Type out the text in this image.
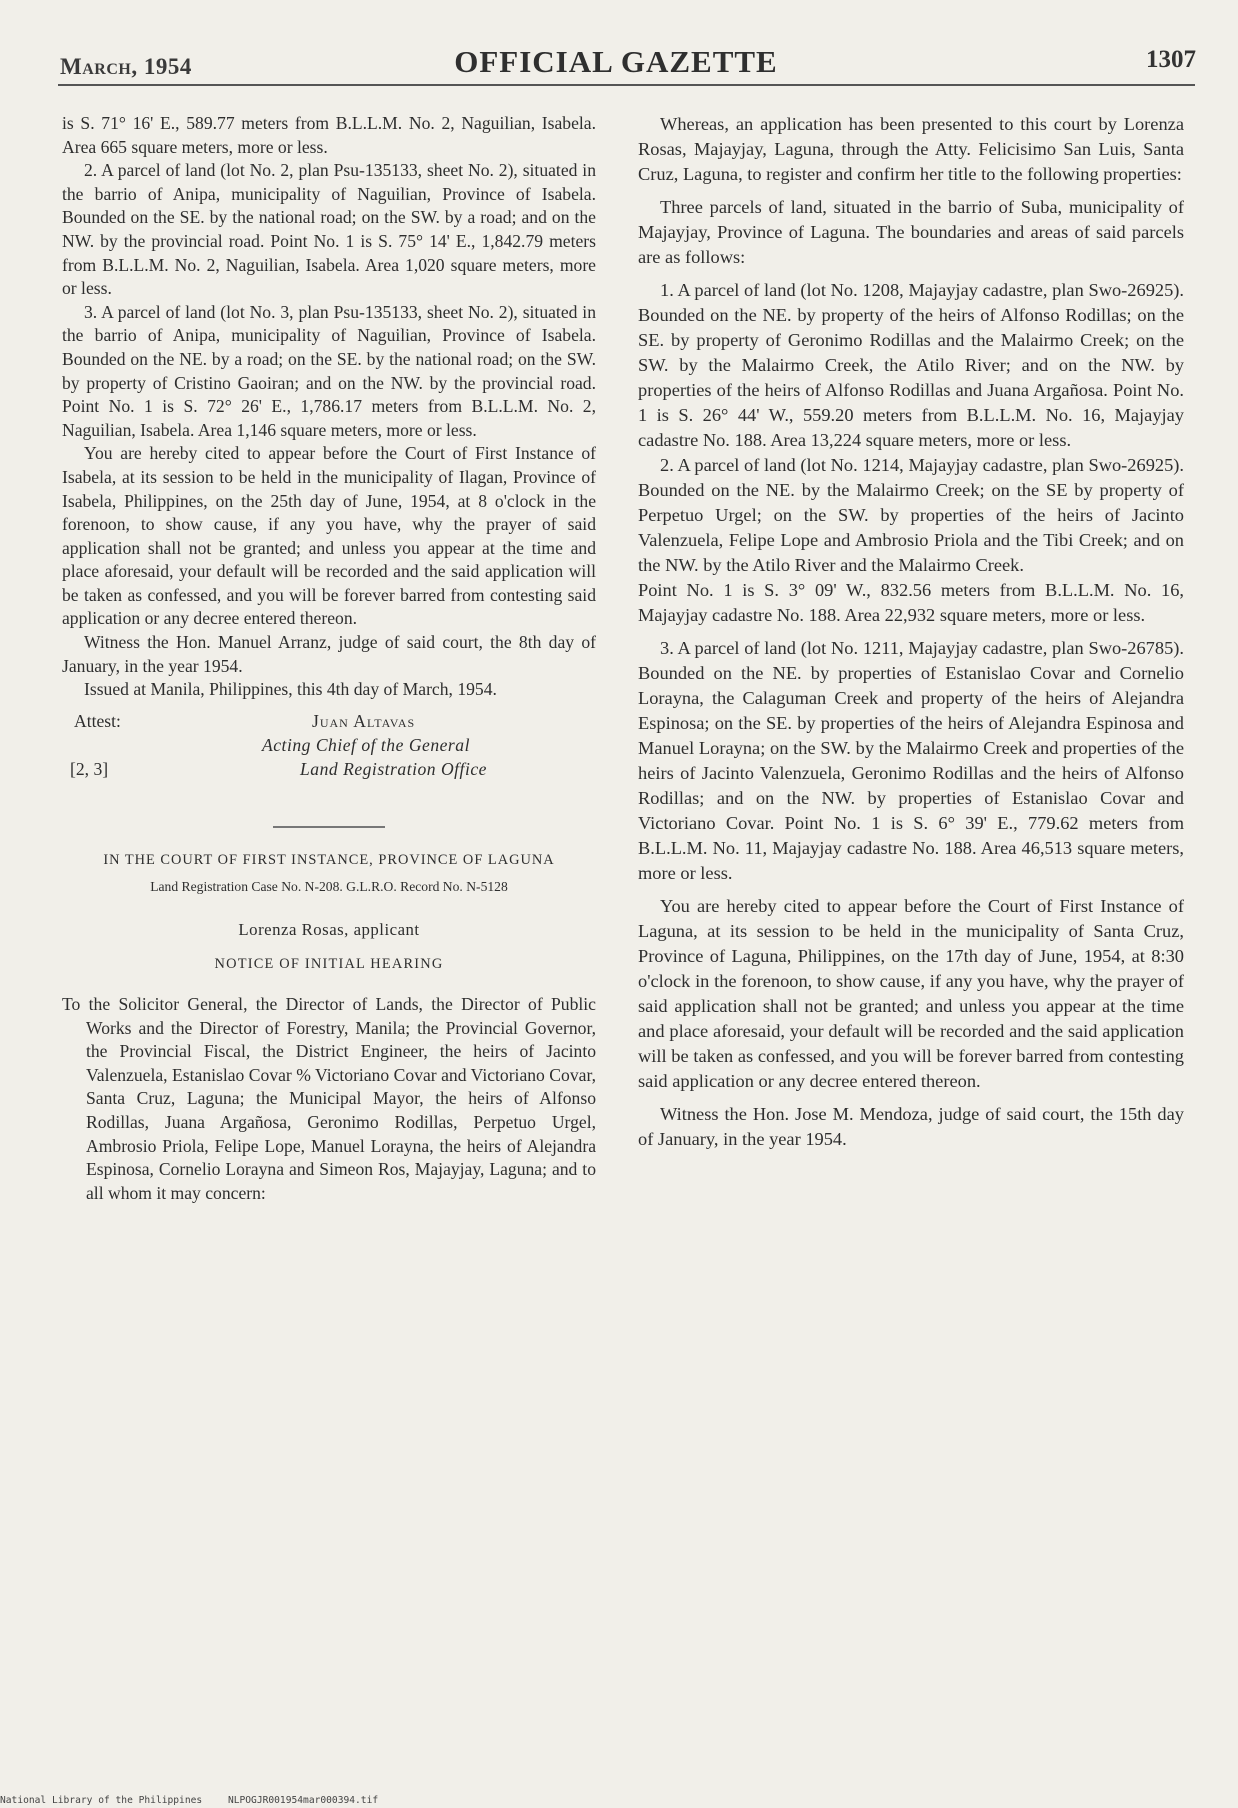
March, 1954	OFFICIAL GAZETTE	1307

is S. 71° 16' E., 589.77 meters from B.L.L.M. No. 2, Naguilian, Isabela. Area 665 square meters, more or less.

2. A parcel of land (lot No. 2, plan Psu-135133, sheet No. 2), situated in the barrio of Anipa, municipality of Naguilian, Province of Isabela. Bounded on the SE. by the national road; on the SW. by a road; and on the NW. by the provincial road. Point No. 1 is S. 75° 14' E., 1,842.79 meters from B.L.L.M. No. 2, Naguilian, Isabela. Area 1,020 square meters, more or less.

3. A parcel of land (lot No. 3, plan Psu-135133, sheet No. 2), situated in the barrio of Anipa, municipality of Naguilian, Province of Isabela. Bounded on the NE. by a road; on the SE. by the national road; on the SW. by property of Cristino Gaoiran; and on the NW. by the provincial road. Point No. 1 is S. 72° 26' E., 1,786.17 meters from B.L.L.M. No. 2, Naguilian, Isabela. Area 1,146 square meters, more or less.

You are hereby cited to appear before the Court of First Instance of Isabela, at its session to be held in the municipality of Ilagan, Province of Isabela, Philippines, on the 25th day of June, 1954, at 8 o'clock in the forenoon, to show cause, if any you have, why the prayer of said application shall not be granted; and unless you appear at the time and place aforesaid, your default will be recorded and the said application will be taken as confessed, and you will be forever barred from contesting said application or any decree entered thereon.

Witness the Hon. Manuel Arranz, judge of said court, the 8th day of January, in the year 1954.

Issued at Manila, Philippines, this 4th day of March, 1954.

Attest:	Juan Altavas
Acting Chief of the General
[2, 3]	Land Registration Office
IN THE COURT OF FIRST INSTANCE, PROVINCE OF LAGUNA
Land Registration Case No. N-208. G.L.R.O. Record No. N-5128
Lorenza Rosas, applicant
NOTICE OF INITIAL HEARING
To the Solicitor General, the Director of Lands, the Director of Public Works and the Director of Forestry, Manila; the Provincial Governor, the Provincial Fiscal, the District Engineer, the heirs of Jacinto Valenzuela, Estanislao Covar % Victoriano Covar and Victoriano Covar, Santa Cruz, Laguna; the Municipal Mayor, the heirs of Alfonso Rodillas, Juana Argañosa, Geronimo Rodillas, Perpetuo Urgel, Ambrosio Priola, Felipe Lope, Manuel Lorayna, the heirs of Alejandra Espinosa, Cornelio Lorayna and Simeon Ros, Majayjay, Laguna; and to all whom it may concern:

Whereas, an application has been presented to this court by Lorenza Rosas, Majayjay, Laguna, through the Atty. Felicisimo San Luis, Santa Cruz, Laguna, to register and confirm her title to the following properties:

Three parcels of land, situated in the barrio of Suba, municipality of Majayjay, Province of Laguna. The boundaries and areas of said parcels are as follows:

1. A parcel of land (lot No. 1208, Majayjay cadastre, plan Swo-26925). Bounded on the NE. by property of the heirs of Alfonso Rodillas; on the SE. by property of Geronimo Rodillas and the Malairmo Creek; on the SW. by the Malairmo Creek, the Atilo River; and on the NW. by properties of the heirs of Alfonso Rodillas and Juana Argañosa. Point No. 1 is S. 26° 44' W., 559.20 meters from B.L.L.M. No. 16, Majayjay cadastre No. 188. Area 13,224 square meters, more or less.

2. A parcel of land (lot No. 1214, Majayjay cadastre, plan Swo-26925). Bounded on the NE. by the Malairmo Creek; on the SE by property of Perpetuo Urgel; on the SW. by properties of the heirs of Jacinto Valenzuela, Felipe Lope and Ambrosio Priola and the Tibi Creek; and on the NW. by the Atilo River and the Malairmo Creek.

Point No. 1 is S. 3° 09' W., 832.56 meters from B.L.L.M. No. 16, Majayjay cadastre No. 188. Area 22,932 square meters, more or less.

3. A parcel of land (lot No. 1211, Majayjay cadastre, plan Swo-26785). Bounded on the NE. by properties of Estanislao Covar and Cornelio Lorayna, the Calaguman Creek and property of the heirs of Alejandra Espinosa; on the SE. by properties of the heirs of Alejandra Espinosa and Manuel Lorayna; on the SW. by the Malairmo Creek and properties of the heirs of Jacinto Valenzuela, Geronimo Rodillas and the heirs of Alfonso Rodillas; and on the NW. by properties of Estanislao Covar and Victoriano Covar. Point No. 1 is S. 6° 39' E., 779.62 meters from B.L.L.M. No. 11, Majayjay cadastre No. 188. Area 46,513 square meters, more or less.

You are hereby cited to appear before the Court of First Instance of Laguna, at its session to be held in the municipality of Santa Cruz, Province of Laguna, Philippines, on the 17th day of June, 1954, at 8:30 o'clock in the forenoon, to show cause, if any you have, why the prayer of said application shall not be granted; and unless you appear at the time and place aforesaid, your default will be recorded and the said application will be taken as confessed, and you will be forever barred from contesting said application or any decree entered thereon.

Witness the Hon. Jose M. Mendoza, judge of said court, the 15th day of January, in the year 1954.

National Library of the Philippines	NLPOGJR001954mar000394.tif
